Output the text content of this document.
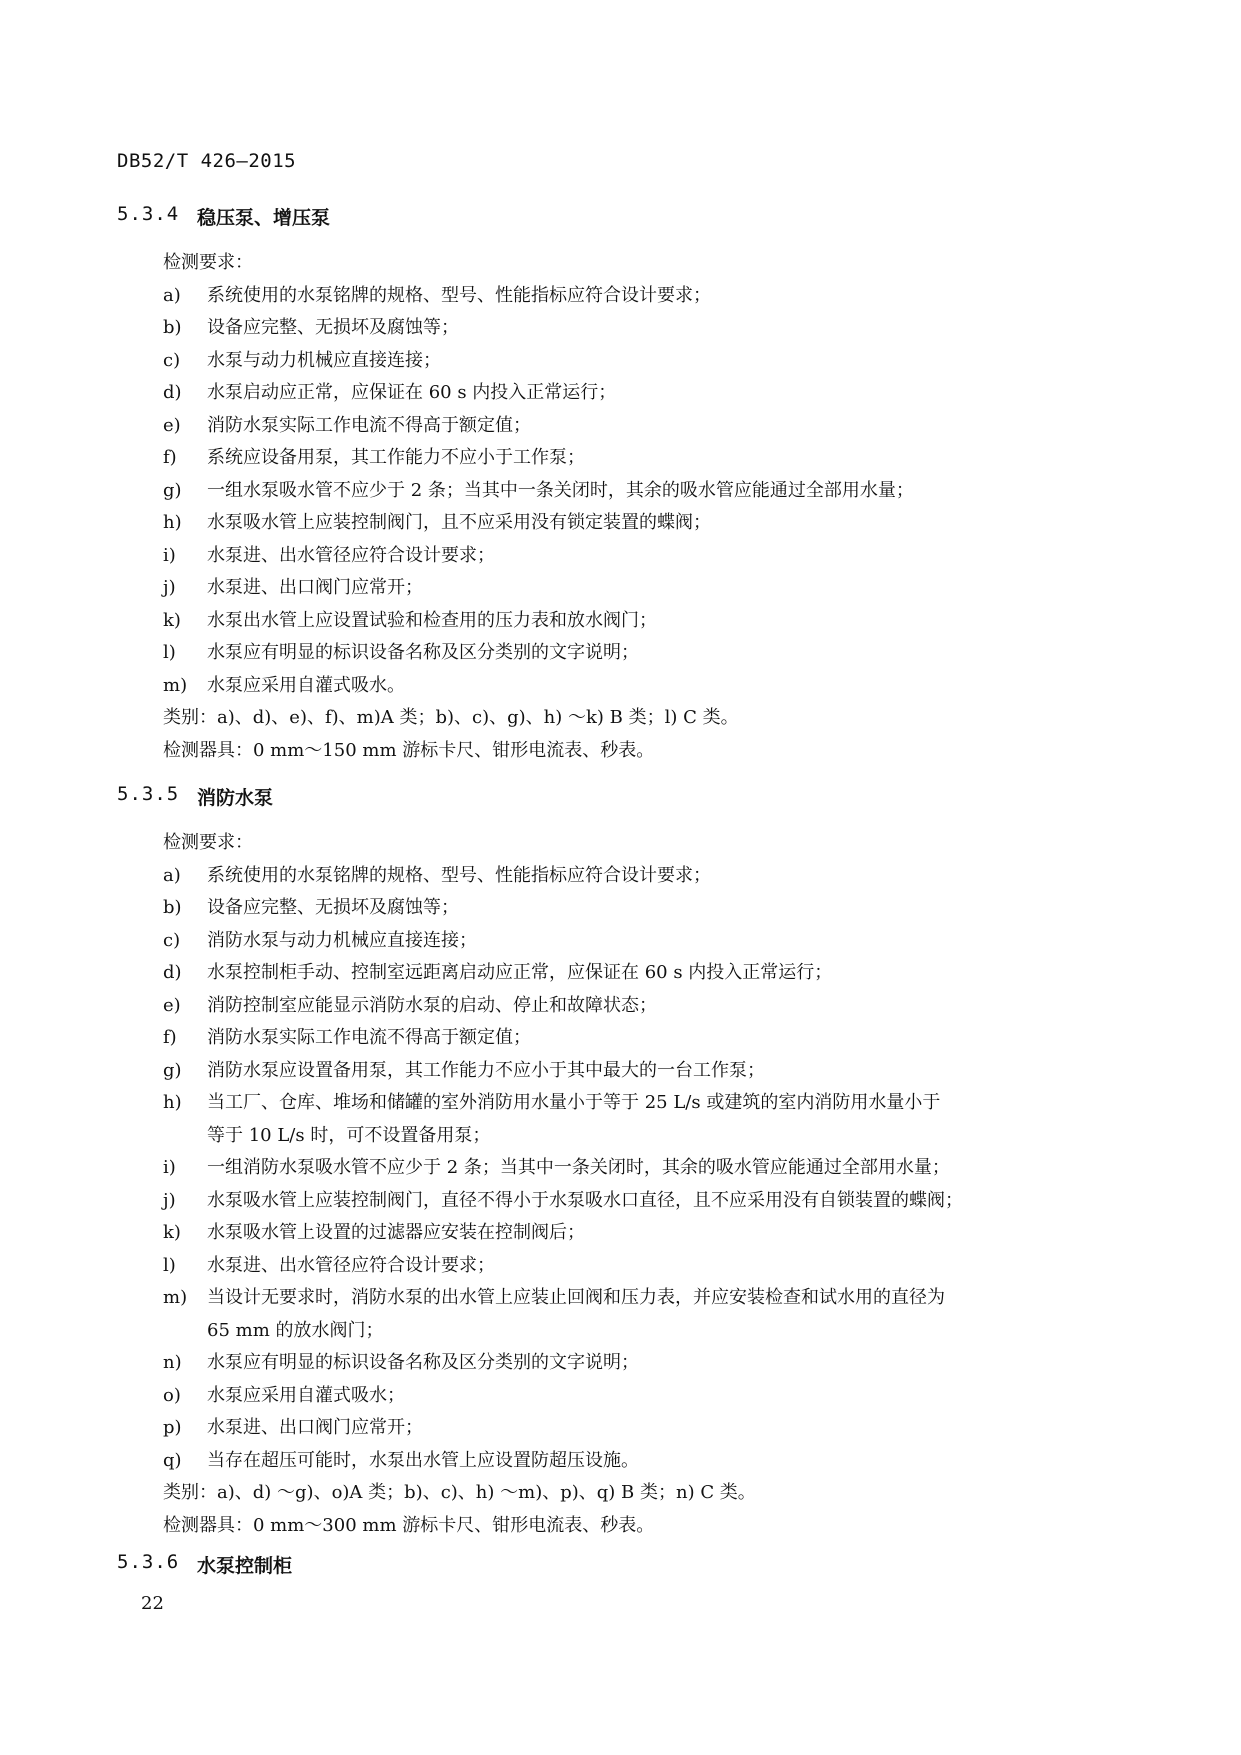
DB52/T 426—2015
5.3.4 稳压泵、增压泵
检测要求：
a) 系统使用的水泵铭牌的规格、型号、性能指标应符合设计要求；
b) 设备应完整、无损坏及腐蚀等；
c) 水泵与动力机械应直接连接；
d) 水泵启动应正常，应保证在 60 s 内投入正常运行；
e) 消防水泵实际工作电流不得高于额定值；
f) 系统应设备用泵，其工作能力不应小于工作泵；
g) 一组水泵吸水管不应少于 2 条；当其中一条关闭时，其余的吸水管应能通过全部用水量；
h) 水泵吸水管上应装控制阀门，且不应采用没有锁定装置的蝶阀；
i) 水泵进、出水管径应符合设计要求；
j) 水泵进、出口阀门应常开；
k) 水泵出水管上应设置试验和检查用的压力表和放水阀门；
l) 水泵应有明显的标识设备名称及区分类别的文字说明；
m) 水泵应采用自灌式吸水。
类别：a)、d)、e)、f)、m)A 类；b)、c)、g)、h) ～k) B 类；l) C 类。
检测器具：0 mm～150 mm 游标卡尺、钳形电流表、秒表。
5.3.5 消防水泵
检测要求：
a) 系统使用的水泵铭牌的规格、型号、性能指标应符合设计要求；
b) 设备应完整、无损坏及腐蚀等；
c) 消防水泵与动力机械应直接连接；
d) 水泵控制柜手动、控制室远距离启动应正常，应保证在 60 s 内投入正常运行；
e) 消防控制室应能显示消防水泵的启动、停止和故障状态；
f) 消防水泵实际工作电流不得高于额定值；
g) 消防水泵应设置备用泵，其工作能力不应小于其中最大的一台工作泵；
h) 当工厂、仓库、堆场和储罐的室外消防用水量小于等于 25 L/s 或建筑的室内消防用水量小于
等于 10 L/s 时，可不设置备用泵；
i) 一组消防水泵吸水管不应少于 2 条；当其中一条关闭时，其余的吸水管应能通过全部用水量；
j) 水泵吸水管上应装控制阀门，直径不得小于水泵吸水口直径，且不应采用没有自锁装置的蝶阀；
k) 水泵吸水管上设置的过滤器应安装在控制阀后；
l) 水泵进、出水管径应符合设计要求；
m) 当设计无要求时，消防水泵的出水管上应装止回阀和压力表，并应安装检查和试水用的直径为
65 mm 的放水阀门；
n) 水泵应有明显的标识设备名称及区分类别的文字说明；
o) 水泵应采用自灌式吸水；
p) 水泵进、出口阀门应常开；
q) 当存在超压可能时，水泵出水管上应设置防超压设施。
类别：a)、d) ～g)、o)A 类；b)、c)、h) ～m)、p)、q) B 类；n) C 类。
检测器具：0 mm～300 mm 游标卡尺、钳形电流表、秒表。
5.3.6 水泵控制柜
22
